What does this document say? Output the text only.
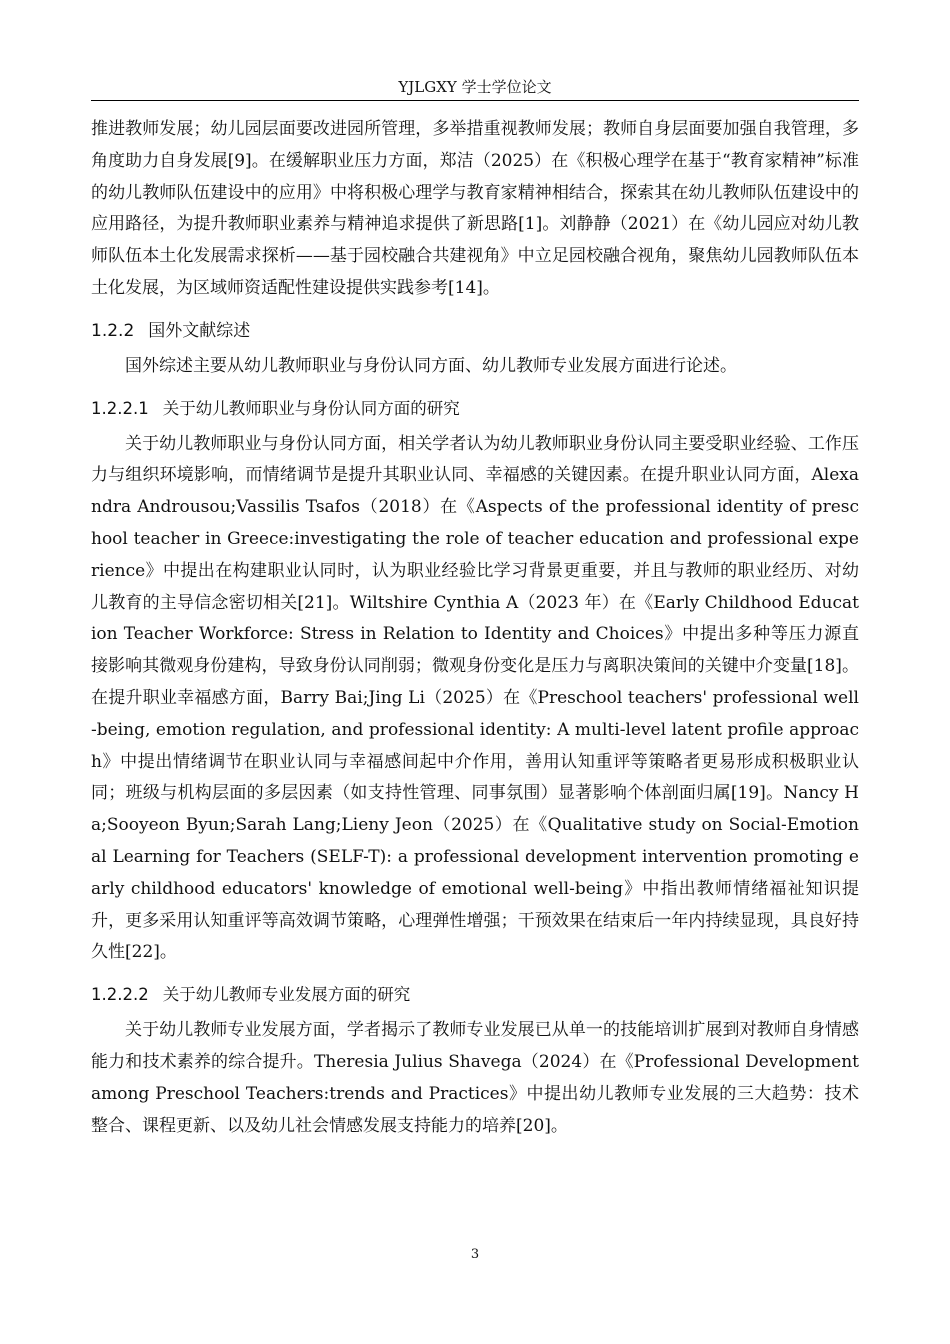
YJLGXY 学士学位论文

推进教师发展；幼儿园层面要改进园所管理，多举措重视教师发展；教师自身层面要加强自我管理，多角度助力自身发展[9]。在缓解职业压力方面，郑洁（2025）在《积极心理学在基于“教育家精神”标准的幼儿教师队伍建设中的应用》中将积极心理学与教育家精神相结合，探索其在幼儿教师队伍建设中的应用路径，为提升教师职业素养与精神追求提供了新思路[1]。刘静静（2021）在《幼儿园应对幼儿教师队伍本土化发展需求探析——基于园校融合共建视角》中立足园校融合视角，聚焦幼儿园教师队伍本土化发展，为区域师资适配性建设提供实践参考[14]。

1.2.2 国外文献综述

国外综述主要从幼儿教师职业与身份认同方面、幼儿教师专业发展方面进行论述。

1.2.2.1 关于幼儿教师职业与身份认同方面的研究

关于幼儿教师职业与身份认同方面，相关学者认为幼儿教师职业身份认同主要受职业经验、工作压力与组织环境影响，而情绪调节是提升其职业认同、幸福感的关键因素。在提升职业认同方面，Alexandra Androusou;Vassilis Tsafos（2018）在《Aspects of the professional identity of preschool teacher in Greece:investigating the role of teacher education and professional experience》中提出在构建职业认同时，认为职业经验比学习背景更重要，并且与教师的职业经历、对幼儿教育的主导信念密切相关[21]。Wiltshire Cynthia A（2023 年）在《Early Childhood Education Teacher Workforce: Stress in Relation to Identity and Choices》中提出多种等压力源直接影响其微观身份建构，导致身份认同削弱；微观身份变化是压力与离职决策间的关键中介变量[18]。在提升职业幸福感方面，Barry Bai;Jing Li（2025）在《Preschool teachers' professional well-being, emotion regulation, and professional identity: A multi-level latent profile approach》中提出情绪调节在职业认同与幸福感间起中介作用，善用认知重评等策略者更易形成积极职业认同；班级与机构层面的多层因素（如支持性管理、同事氛围）显著影响个体剖面归属[19]。Nancy Ha;Sooyeon Byun;Sarah Lang;Lieny Jeon（2025）在《Qualitative study on Social-Emotional Learning for Teachers (SELF-T): a professional development intervention promoting early childhood educators' knowledge of emotional well-being》中指出教师情绪福祉知识提升，更多采用认知重评等高效调节策略，心理弹性增强；干预效果在结束后一年内持续显现，具良好持久性[22]。

1.2.2.2 关于幼儿教师专业发展方面的研究

关于幼儿教师专业发展方面，学者揭示了教师专业发展已从单一的技能培训扩展到对教师自身情感能力和技术素养的综合提升。Theresia Julius Shavega（2024）在《Professional Development among Preschool Teachers:trends and Practices》中提出幼儿教师专业发展的三大趋势：技术整合、课程更新、以及幼儿社会情感发展支持能力的培养[20]。

3
